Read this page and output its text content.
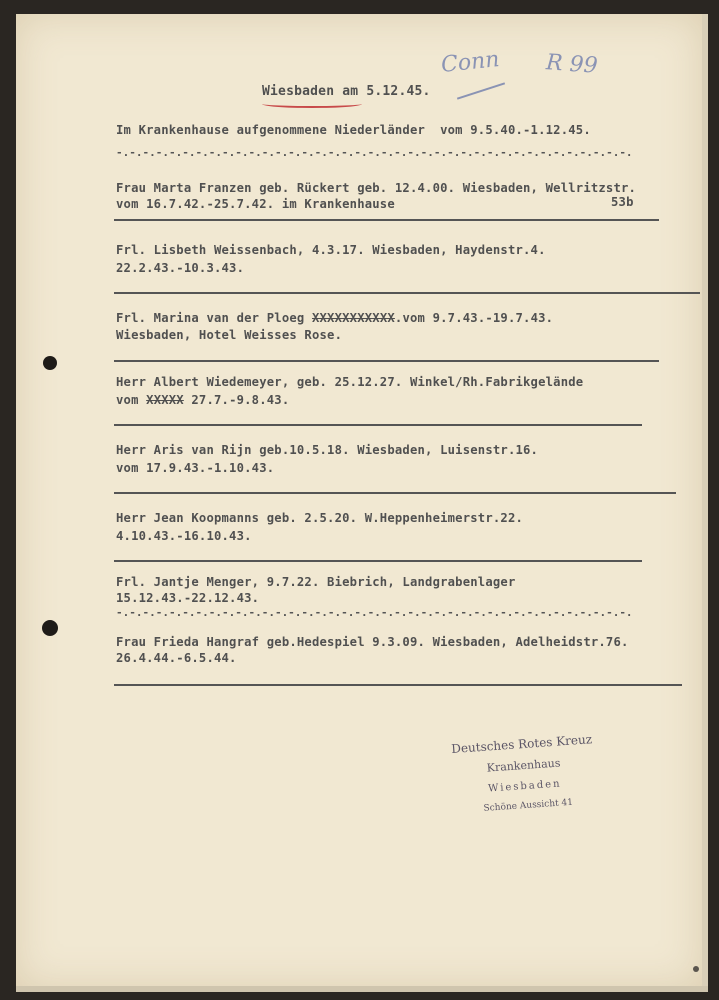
Conn R 99
Wiesbaden am 5.12.45.
Im Krankenhause aufgenommene Niederländer  vom 9.5.40.-1.12.45.
-.-.-.-.-.-.-.-.-.-.-.-.-.-.-.-.-.-.-.-.-.-.-.-.-.-.-.-.-.-.-.-.-.-.-.-.-.-.-.
Frau Marta Franzen geb. Rückert geb. 12.4.00. Wiesbaden, Wellritzstr.
vom 16.7.42.-25.7.42. im Krankenhause	53b
Frl. Lisbeth Weissenbach, 4.3.17. Wiesbaden, Haydenstr.4.
22.2.43.-10.3.43.
Frl. Marina van der Ploeg XXXXXXXXXXX.vom 9.7.43.-19.7.43.
Wiesbaden, Hotel Weisses Rose.
Herr Albert Wiedemeyer, geb. 25.12.27. Winkel/Rh.Fabrikgelände
vom XXXXX 27.7.-9.8.43.
Herr Aris van Rijn geb.10.5.18. Wiesbaden, Luisenstr.16.
vom 17.9.43.-1.10.43.
Herr Jean Koopmanns geb. 2.5.20. W.Heppenheimerstr.22.
4.10.43.-16.10.43.
Frl. Jantje Menger, 9.7.22. Biebrich, Landgrabenlager
15.12.43.-22.12.43.
-.-.-.-.-.-.-.-.-.-.-.-.-.-.-.-.-.-.-.-.-.-.-.-.-.-.-.-.-.-.-.-.-.-.-.-.-.-.-.
Frau Frieda Hangraf geb.Hedespiel 9.3.09. Wiesbaden, Adelheidstr.76.
26.4.44.-6.5.44.
Deutsches Rotes Kreuz
Krankenhaus
Wiesbaden
Schöne Aussicht 41
